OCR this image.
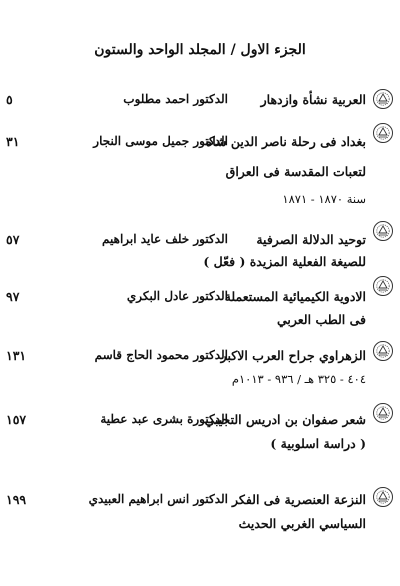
الجزء الاول / المجلد الواحد والستون
العربية نشأة وازدهار
الدكتور احمد مطلوب
٥
بغداد فى رحلة ناصر الدين شاه
لتعبات المقدسة فى العراق
سنة ١٨٧٠ - ١٨٧١
الدكتور جميل موسى النجار
٣١
توحيد الدلالة الصرفية
للصيغة الفعلية المزيدة ( فعّل )
الدكتور خلف عايد ابراهيم
٥٧
الادوية الكيميائية المستعملة
فى الطب العربي
الدكتور عادل البكري
٩٧
الزهراوي جراح العرب الاكبر
٤٠٤ - ٣٢٥ هـ / ٩٣٦ - ١٠١٣م
الدكتور محمود الحاج قاسم
١٣١
شعر صفوان بن ادريس التجيبي
( دراسة اسلوبية )
الدكتورة بشرى عبد عطية
١٥٧
النزعة العنصرية فى الفكر
السياسي الغربي الحديث
الدكتور انس ابراهيم العبيدي
١٩٩
